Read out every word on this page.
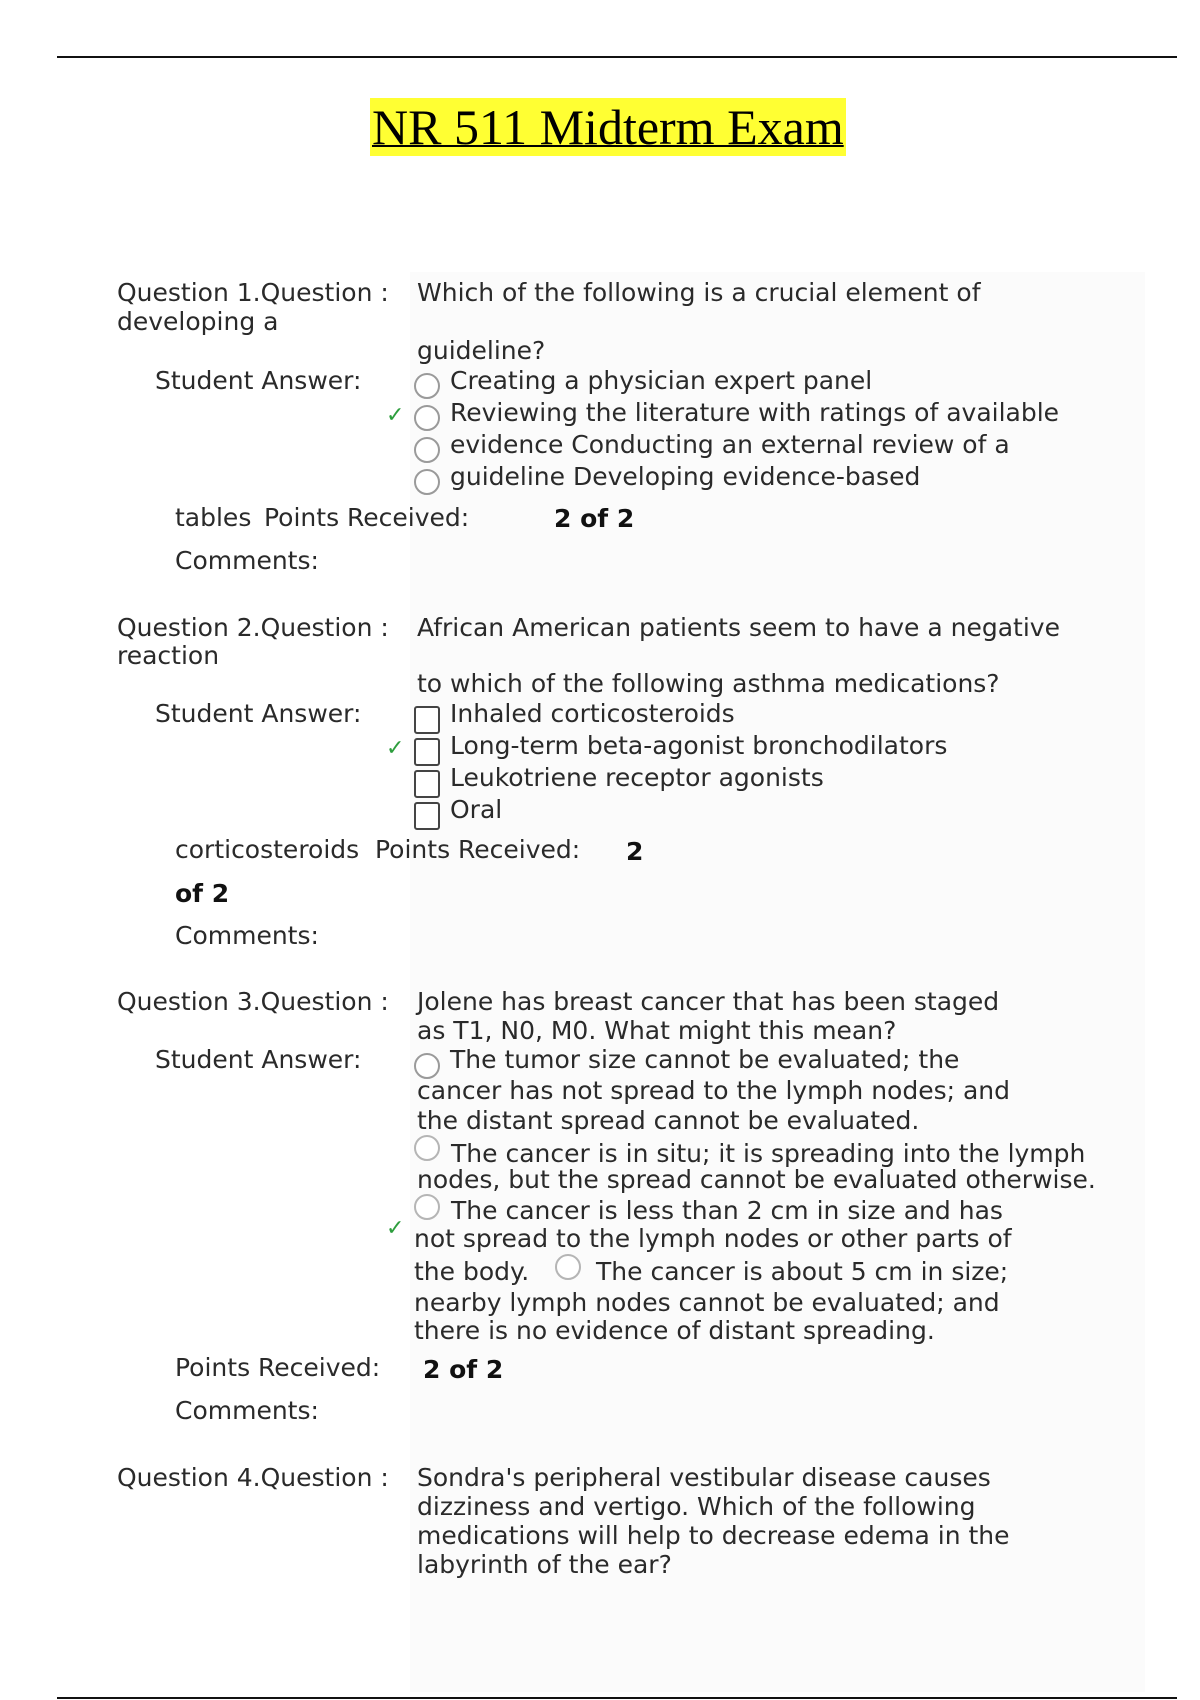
NR 511 Midterm Exam
Question 1.Question : Which of the following is a crucial element of
developing a
guideline?
Student Answer:	Creating a physician expert panel
✓ Reviewing the literature with ratings of available
evidence Conducting an external review of a
guideline Developing evidence-based
tables Points Received:	2 of 2
Comments:
Question 2.Question : African American patients seem to have a negative
reaction
to which of the following asthma medications?
Student Answer:	Inhaled corticosteroids
✓ Long-term beta-agonist bronchodilators
Leukotriene receptor agonists
Oral
corticosteroids Points Received: 2
of 2
Comments:
Question 3.Question : Jolene has breast cancer that has been staged
as T1, N0, M0. What might this mean?
Student Answer:	The tumor size cannot be evaluated; the
cancer has not spread to the lymph nodes; and
the distant spread cannot be evaluated.
The cancer is in situ; it is spreading into the lymph
nodes, but the spread cannot be evaluated otherwise.
✓
The cancer is less than 2 cm in size and has
not spread to the lymph nodes or other parts of
the body.	The cancer is about 5 cm in size;
nearby lymph nodes cannot be evaluated; and
there is no evidence of distant spreading.
Points Received: 2 of 2
Comments:
Question 4.Question : Sondra's peripheral vestibular disease causes
dizziness and vertigo. Which of the following
medications will help to decrease edema in the
labyrinth of the ear?
